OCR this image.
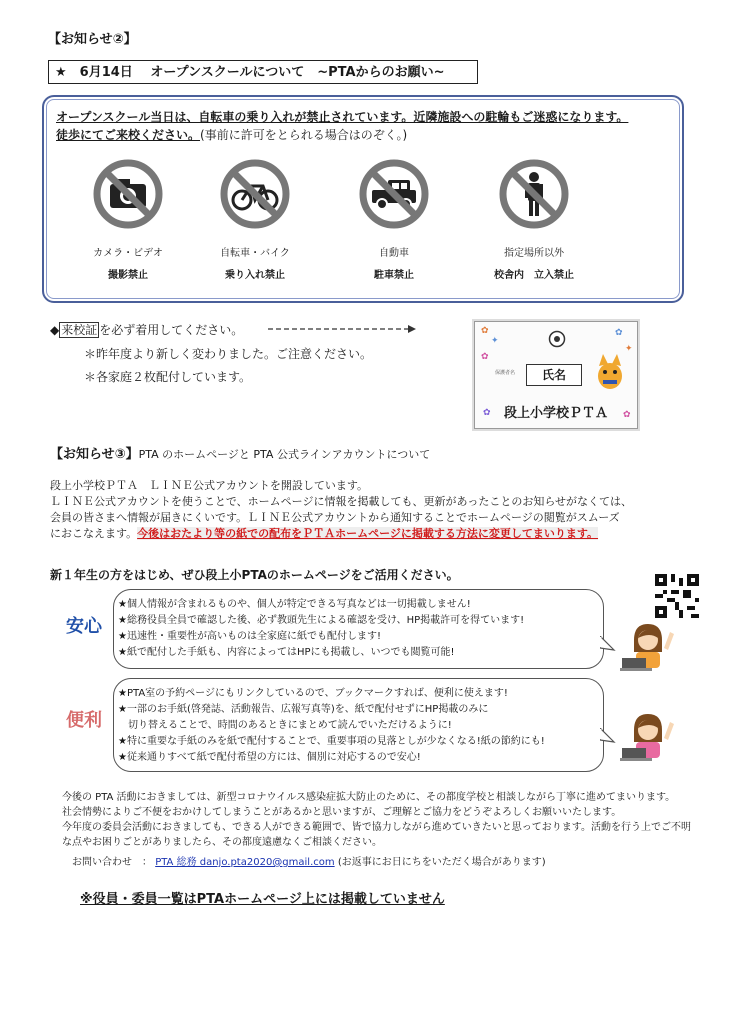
【お知らせ②】
★　6月14日　 オープンスクールについて　~PTAからのお願い~
オープンスクール当日は、自転車の乗り入れが禁止されています。近隣施設への駐輪もご迷惑になります。
徒歩にてご来校ください。(事前に許可をとられる場合はのぞく。)
カメラ・ビデオ
撮影禁止
自転車・バイク
乗り入れ禁止
自動車
駐車禁止
指定場所以外
校舎内　立入禁止
◆ 来校証 を必ず着用してください。
＊昨年度より新しく変わりました。ご注意ください。
＊各家庭２枚配付しています。
✿
✦
✿
✿
✦
✿	✿
保護者名	氏名
段上小学校ＰＴＡ
【お知らせ③】PTA のホームページと PTA 公式ラインアカウントについて
段上小学校ＰＴＡ　ＬＩＮＥ公式アカウントを開設しています。
ＬＩＮＥ公式アカウントを使うことで、ホームページに情報を掲載しても、更新があったことのお知らせがなくては、
会員の皆さまへ情報が届きにくいです。ＬＩＮＥ公式アカウントから通知することでホームページの閲覧がスムーズ
におこなえます。今後はおたより等の紙での配布をＰＴＡホームページに掲載する方法に変更してまいります。
新１年生の方をはじめ、ぜひ段上小PTAのホームページをご活用ください。
安心
★個人情報が含まれるものや、個人が特定できる写真などは一切掲載しません!
★総務役員全員で確認した後、必ず教頭先生による確認を受け、HP掲載許可を得ています!
★迅速性・重要性が高いものは全家庭に紙でも配付します!
★紙で配付した手紙も、内容によってはHPにも掲載し、いつでも閲覧可能!
便利
★PTA室の予約ページにもリンクしているので、ブックマークすれば、便利に使えます!
★一部のお手紙(啓発誌、活動報告、広報写真等)を、紙で配付せずにHP掲載のみに
　切り替えることで、時間のあるときにまとめて読んでいただけるように!
★特に重要な手紙のみを紙で配付することで、重要事項の見落としが少なくなる!紙の節約にも!
★従来通りすべて紙で配付希望の方には、個別に対応するので安心!
今後の PTA 活動におきましては、新型コロナウイルス感染症拡大防止のために、その都度学校と相談しながら丁寧に進めてまいります。
社会情勢によりご不便をおかけしてしまうことがあるかと思いますが、ご理解とご協力をどうぞよろしくお願いいたします。
今年度の委員会活動におきましても、できる人ができる範囲で、皆で協力しながら進めていきたいと思っております。活動を行う上でご不明
な点やお困りごとがありましたら、その都度遠慮なくご相談ください。
お問い合わせ　： PTA 総務 danjo.pta2020@gmail.com (お返事にお日にちをいただく場合があります)
※役員・委員一覧はPTAホームページ上には掲載していません
